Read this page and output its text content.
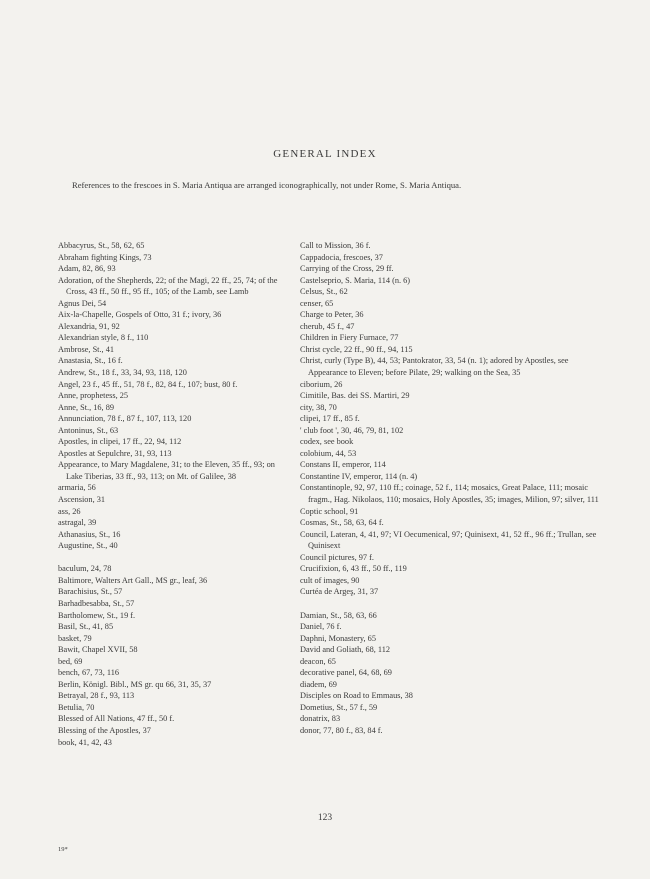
GENERAL INDEX
References to the frescoes in S. Maria Antiqua are arranged iconographically, not under Rome, S. Maria Antiqua.
Abbacyrus, St., 58, 62, 65
Abraham fighting Kings, 73
Adam, 82, 86, 93
Adoration, of the Shepherds, 22; of the Magi, 22 ff., 25, 74; of the Cross, 43 ff., 50 ff., 95 ff., 105; of the Lamb, see Lamb
Agnus Dei, 54
Aix-la-Chapelle, Gospels of Otto, 31 f.; ivory, 36
Alexandria, 91, 92
Alexandrian style, 8 f., 110
Ambrose, St., 41
Anastasia, St., 16 f.
Andrew, St., 18 f., 33, 34, 93, 118, 120
Angel, 23 f., 45 ff., 51, 78 f., 82, 84 f., 107; bust, 80 f.
Anne, prophetess, 25
Anne, St., 16, 89
Annunciation, 78 f., 87 f., 107, 113, 120
Antoninus, St., 63
Apostles, in clipei, 17 ff., 22, 94, 112
Apostles at Sepulchre, 31, 93, 113
Appearance, to Mary Magdalene, 31; to the Eleven, 35 ff., 93; on Lake Tiberias, 33 ff., 93, 113; on Mt. of Galilee, 38
armaria, 56
Ascension, 31
ass, 26
astragal, 39
Athanasius, St., 16
Augustine, St., 40
baculum, 24, 78
Baltimore, Walters Art Gall., MS gr., leaf, 36
Barachisius, St., 57
Barhadbesabba, St., 57
Bartholomew, St., 19 f.
Basil, St., 41, 85
basket, 79
Bawit, Chapel XVII, 58
bed, 69
bench, 67, 73, 116
Berlin, Königl. Bibl., MS gr. qu 66, 31, 35, 37
Betrayal, 28 f., 93, 113
Betulia, 70
Blessed of All Nations, 47 ff., 50 f.
Blessing of the Apostles, 37
book, 41, 42, 43
Call to Mission, 36 f.
Cappadocia, frescoes, 37
Carrying of the Cross, 29 ff.
Castelseprio, S. Maria, 114 (n. 6)
Celsus, St., 62
censer, 65
Charge to Peter, 36
cherub, 45 f., 47
Children in Fiery Furnace, 77
Christ cycle, 22 ff., 90 ff., 94, 115
Christ, curly (Type B), 44, 53; Pantokrator, 33, 54 (n. 1); adored by Apostles, see Appearance to Eleven; before Pilate, 29; walking on the Sea, 35
ciborium, 26
Cimitile, Bas. dei SS. Martiri, 29
city, 38, 70
clipei, 17 ff., 85 f.
' club foot ', 30, 46, 79, 81, 102
codex, see book
colobium, 44, 53
Constans II, emperor, 114
Constantine IV, emperor, 114 (n. 4)
Constantinople, 92, 97, 110 ff.; coinage, 52 f., 114; mosaics, Great Palace, 111; mosaic fragm., Hag. Nikolaos, 110; mosaics, Holy Apostles, 35; images, Milion, 97; silver, 111
Coptic school, 91
Cosmas, St., 58, 63, 64 f.
Council, Lateran, 4, 41, 97; VI Oecumenical, 97; Quinisext, 41, 52 ff., 96 ff.; Trullan, see Quinisext
Council pictures, 97 f.
Crucifixion, 6, 43 ff., 50 ff., 119
cult of images, 90
Curtéa de Argeş, 31, 37
Damian, St., 58, 63, 66
Daniel, 76 f.
Daphni, Monastery, 65
David and Goliath, 68, 112
deacon, 65
decorative panel, 64, 68, 69
diadem, 69
Disciples on Road to Emmaus, 38
Dometius, St., 57 f., 59
donatrix, 83
donor, 77, 80 f., 83, 84 f.
123
19*
